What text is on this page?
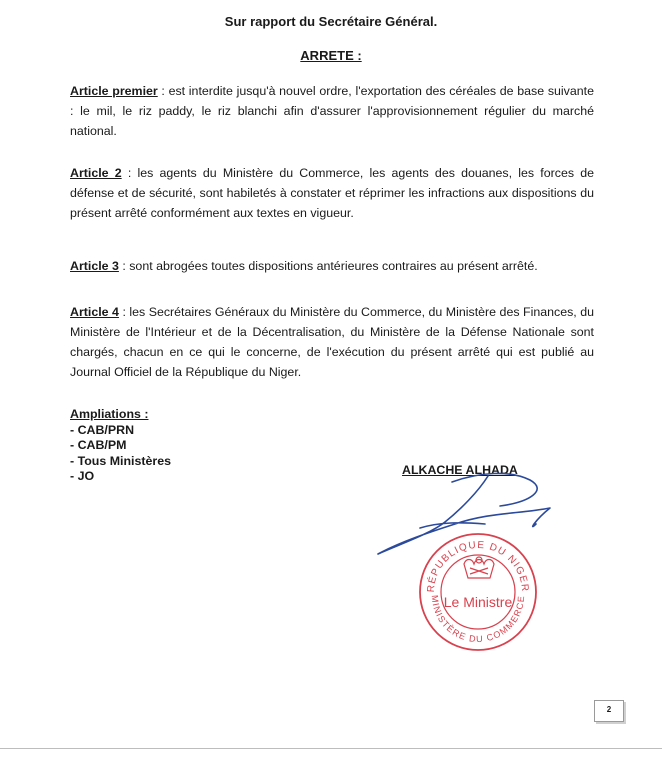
Sur rapport du Secrétaire Général.
ARRETE :

Article premier : est interdite jusqu'à nouvel ordre, l'exportation des céréales de base suivante : le mil, le riz paddy, le riz blanchi afin d'assurer l'approvisionnement régulier du marché national.

Article 2 : les agents du Ministère du Commerce, les agents des douanes, les forces de défense et de sécurité, sont habiletés à constater et réprimer les infractions aux dispositions du présent arrêté conformément aux textes en vigueur.

Article 3 : sont abrogées toutes dispositions antérieures contraires au présent arrêté.

Article 4 : les Secrétaires Généraux du Ministère du Commerce, du Ministère des Finances, du Ministère de l'Intérieur et de la Décentralisation, du Ministère de la Défense Nationale sont chargés, chacun en ce qui le concerne, de l'exécution du présent arrêté qui est publié au Journal Officiel de la République du Niger.

Ampliations :
- CAB/PRN
- CAB/PM
- Tous Ministères
- JO	ALKACHE ALHADA
RÉPUBLIQUE DU NIGER
MINISTÈRE DU COMMERCE
Le Ministre
2
